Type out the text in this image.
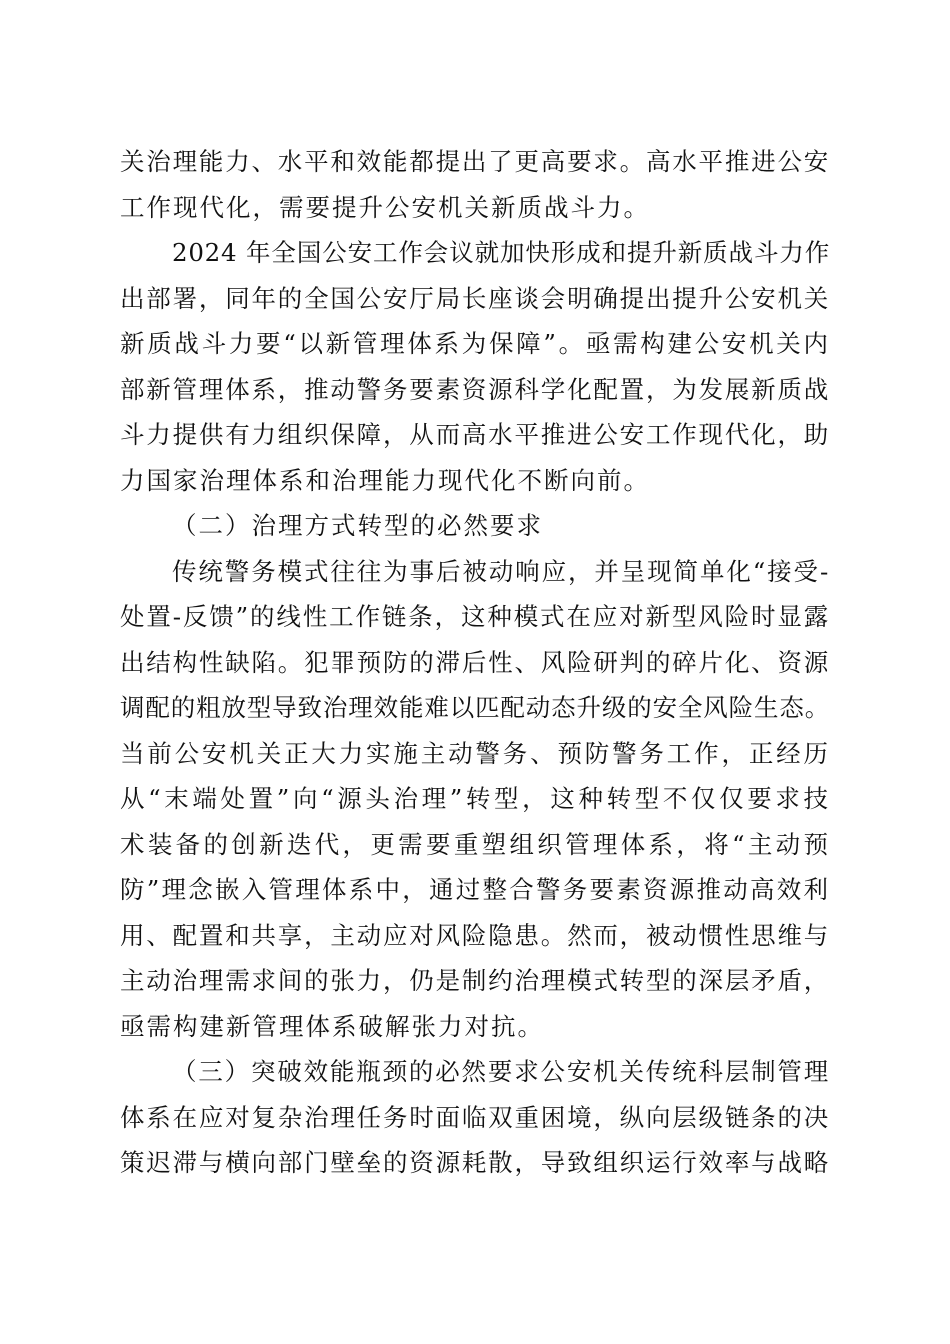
关治理能力、水平和效能都提出了更高要求。高水平推进公安
工作现代化，需要提升公安机关新质战斗力。
2024 年全国公安工作会议就加快形成和提升新质战斗力作
出部署，同年的全国公安厅局长座谈会明确提出提升公安机关
新质战斗力要“以新管理体系为保障”。亟需构建公安机关内
部新管理体系，推动警务要素资源科学化配置，为发展新质战
斗力提供有力组织保障，从而高水平推进公安工作现代化，助
力国家治理体系和治理能力现代化不断向前。
（二）治理方式转型的必然要求
传统警务模式往往为事后被动响应，并呈现简单化“接受-
处置-反馈”的线性工作链条，这种模式在应对新型风险时显露
出结构性缺陷。犯罪预防的滞后性、风险研判的碎片化、资源
调配的粗放型导致治理效能难以匹配动态升级的安全风险生态。
当前公安机关正大力实施主动警务、预防警务工作，正经历
从“末端处置”向“源头治理”转型，这种转型不仅仅要求技
术装备的创新迭代，更需要重塑组织管理体系，将“主动预
防”理念嵌入管理体系中，通过整合警务要素资源推动高效利
用、配置和共享，主动应对风险隐患。然而，被动惯性思维与
主动治理需求间的张力，仍是制约治理模式转型的深层矛盾，
亟需构建新管理体系破解张力对抗。
（三）突破效能瓶颈的必然要求公安机关传统科层制管理
体系在应对复杂治理任务时面临双重困境，纵向层级链条的决
策迟滞与横向部门壁垒的资源耗散，导致组织运行效率与战略
